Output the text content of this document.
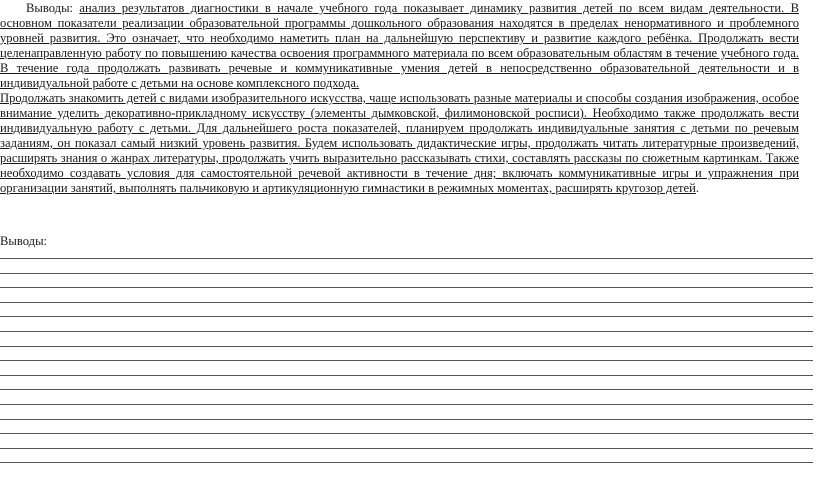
Выводы: анализ результатов диагностики в начале учебного года показывает динамику развития детей по всем видам деятельности. В основном показатели реализации образовательной программы дошкольного образования находятся в пределах ненормативного и проблемного уровней развития. Это означает, что необходимо наметить план на дальнейшую перспективу и развитие каждого ребёнка. Продолжать вести целенаправленную работу по повышению качества освоения программного материала по всем образовательным областям в течение учебного года. В течение года продолжать развивать речевые и коммуникативные умения детей в непосредственно образовательной деятельности и в индивидуальной работе с детьми на основе комплексного подхода.

Продолжать знакомить детей с видами изобразительного искусства, чаще использовать разные материалы и способы создания изображения, особое внимание уделить декоративно-прикладному искусству (элементы дымковской, филимоновской росписи). Необходимо также продолжать вести индивидуальную работу с детьми. Для дальнейшего роста показателей, планируем продолжать индивидуальные занятия с детьми по речевым заданиям, он показал самый низкий уровень развития. Будем использовать дидактические игры, продолжать читать литературные произведений, расширять знания о жанрах литературы, продолжать учить выразительно рассказывать стихи, составлять рассказы по сюжетным картинкам. Также необходимо создавать условия для самостоятельной речевой активности в течение дня; включать коммуникативные игры и упражнения при организации занятий, выполнять пальчиковую и артикуляционную гимнастики в режимных моментах, расширять кругозор детей.

Выводы:
